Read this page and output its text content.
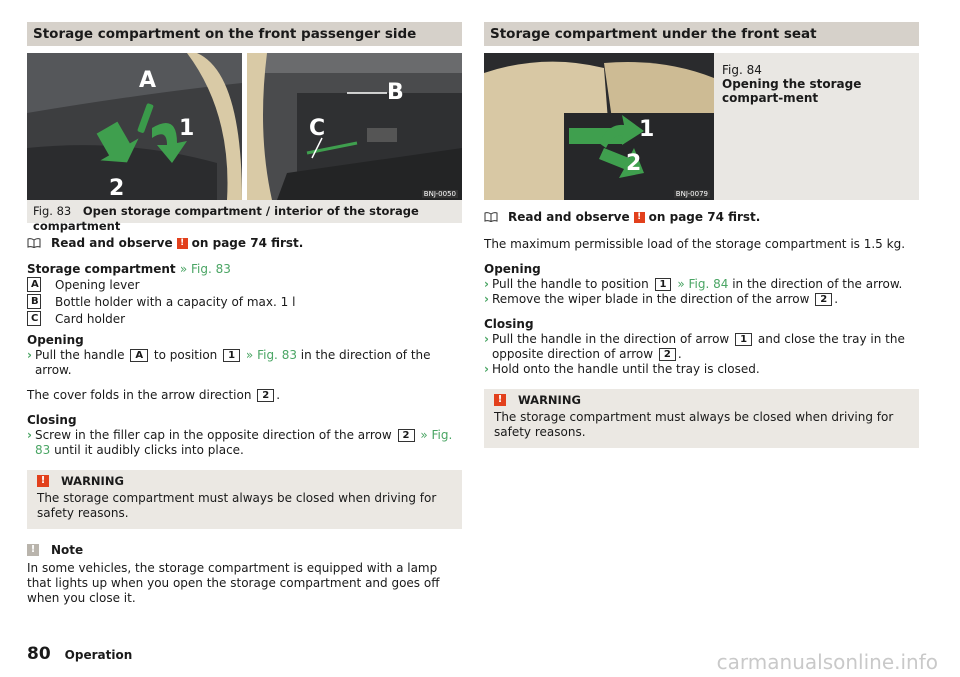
Storage compartment on the front passenger side
A
1
2
B
C
BNJ-0050
Fig. 83 Open storage compartment / interior of the storage compartment
Read and observe ! on page 74 first.
Storage compartment » Fig. 83
A Opening lever
B Bottle holder with a capacity of max. 1 l
C Card holder
Opening
› Pull the handle A to position 1 » Fig. 83 in the direction of the arrow.

The cover folds in the arrow direction 2 .

Closing
› Screw in the filler cap in the opposite direction of the arrow 2 » Fig. 83 until it audibly clicks into place.
!	WARNING
The storage compartment must always be closed when driving for safety reasons.
!	Note
In some vehicles, the storage compartment is equipped with a lamp that lights up when you open the storage compartment and goes off when you close it.
Storage compartment under the front seat
1
2
BNJ-0079
Fig. 84
Opening the storage compart-ment
Read and observe ! on page 74 first.

The maximum permissible load of the storage compartment is 1.5 kg.

Opening
› Pull the handle to position 1 » Fig. 84 in the direction of the arrow.
› Remove the wiper blade in the direction of the arrow 2 .
Closing
› Pull the handle in the direction of arrow 1 and close the tray in the opposite direction of arrow 2 .
› Hold onto the handle until the tray is closed.
!	WARNING
The storage compartment must always be closed when driving for safety reasons.
80 Operation	carmanualsonline.info
